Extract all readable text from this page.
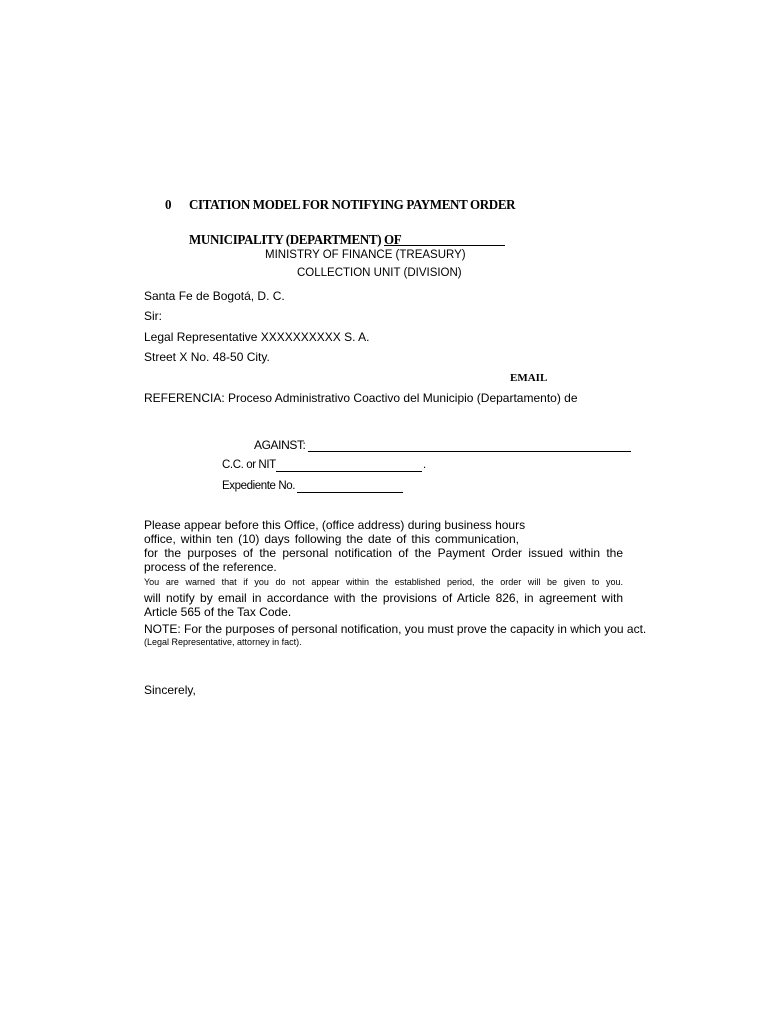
0 CITATION MODEL FOR NOTIFYING PAYMENT ORDER
MUNICIPALITY (DEPARTMENT) OF
MINISTRY OF FINANCE (TREASURY)
COLLECTION UNIT (DIVISION)
Santa Fe de Bogotá, D. C.
Sir:
Legal Representative XXXXXXXXXX S. A.
Street X No. 48-50 City.
EMAIL
REFERENCIA: Proceso Administrativo Coactivo del Municipio (Departamento) de
AGAINST:
C.C. or NIT	.
Expediente No.
Please appear before this Office, (office address) during business hours

office, within ten (10) days following the date of this communication,

for the purposes of the personal notification of the Payment Order issued within the process of the reference.

You are warned that if you do not appear within the established period, the order will be given to you.

will notify by email in accordance with the provisions of Article 826, in agreement with Article 565 of the Tax Code.

NOTE: For the purposes of personal notification, you must prove the capacity in which you act.
(Legal Representative, attorney in fact).
Sincerely,
